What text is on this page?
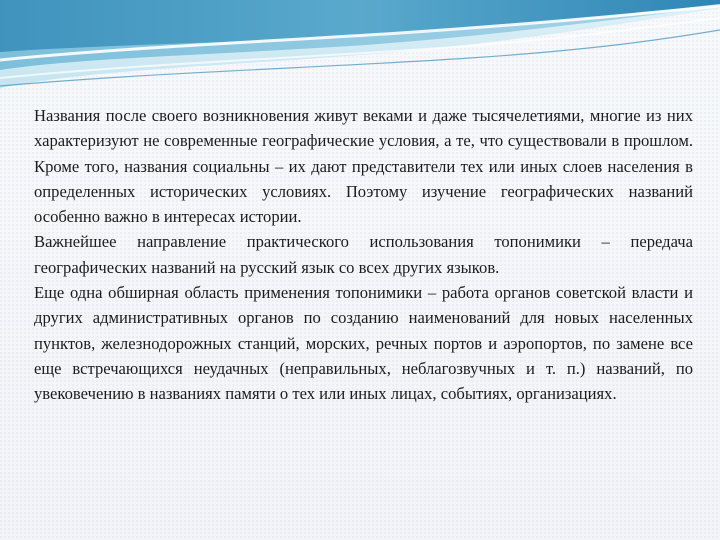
Названия после своего возникновения живут веками и даже тысячелетиями, многие из них характеризуют не современные географические условия, а те, что существовали в прошлом. Кроме того, названия социальны – их дают представители тех или иных слоев населения в определенных исторических условиях. Поэтому изучение географических названий особенно важно в интересах истории.

Важнейшее направление практического использования топонимики – передача географических названий на русский язык со всех других языков.

Еще одна обширная область применения топонимики – работа органов советской власти и других административных органов по созданию наименований для новых населенных пунктов, железнодорожных станций, морских, речных портов и аэропортов, по замене все еще встречающихся неудачных (неправильных, неблагозвучных и т. п.) названий, по увековечению в названиях памяти о тех или иных лицах, событиях, организациях.
